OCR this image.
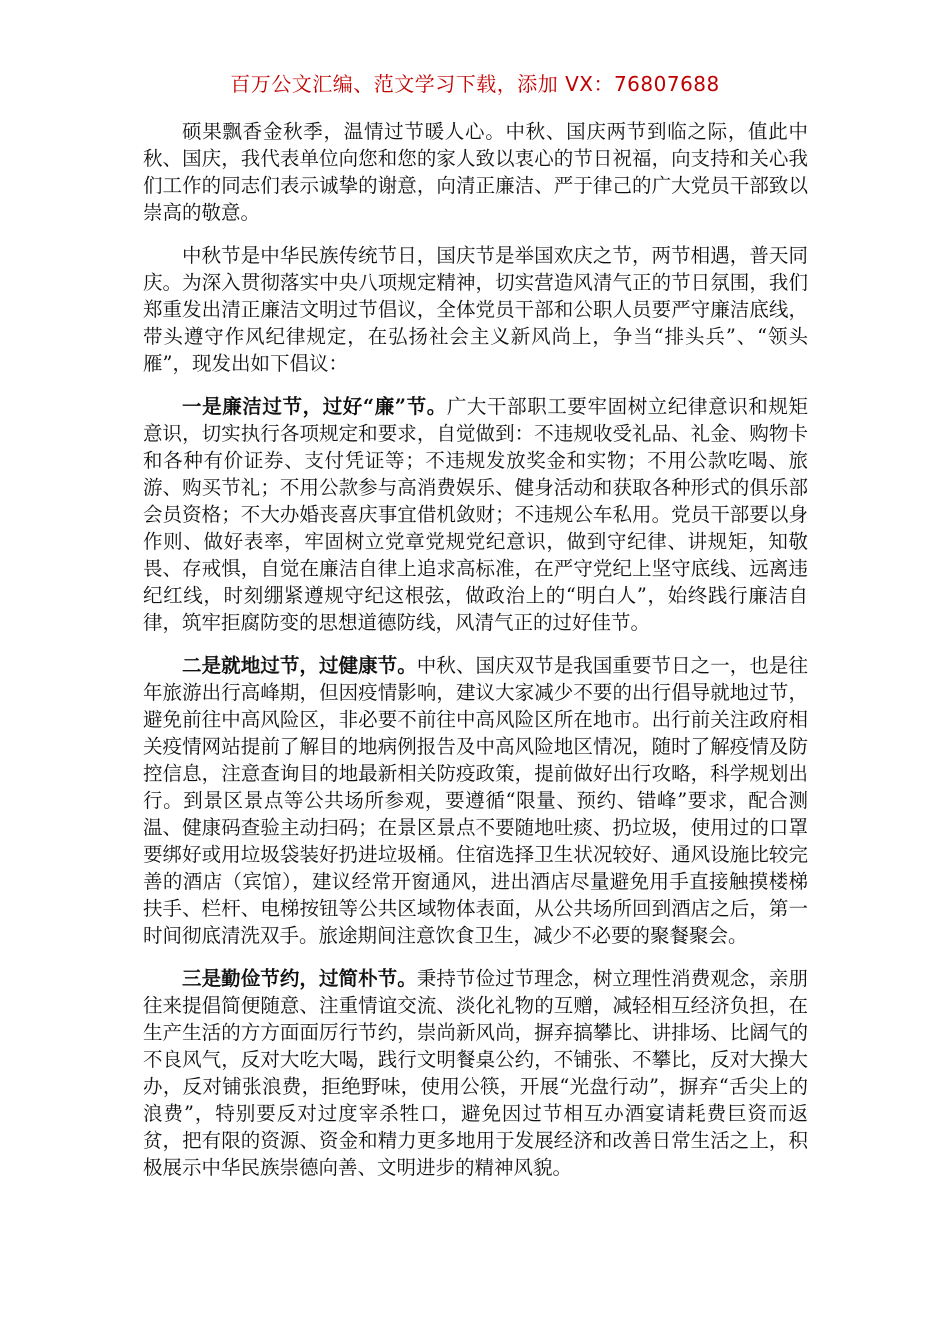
百万公文汇编、范文学习下载，添加 VX：76807688

硕果飘香金秋季，温情过节暖人心。中秋、国庆两节到临之际，值此中秋、国庆，我代表单位向您和您的家人致以衷心的节日祝福，向支持和关心我们工作的同志们表示诚挚的谢意，向清正廉洁、严于律己的广大党员干部致以崇高的敬意。

中秋节是中华民族传统节日，国庆节是举国欢庆之节，两节相遇，普天同庆。为深入贯彻落实中央八项规定精神，切实营造风清气正的节日氛围，我们郑重发出清正廉洁文明过节倡议，全体党员干部和公职人员要严守廉洁底线，带头遵守作风纪律规定，在弘扬社会主义新风尚上，争当“排头兵”、“领头雁”，现发出如下倡议：

一是廉洁过节，过好“廉”节。广大干部职工要牢固树立纪律意识和规矩意识，切实执行各项规定和要求，自觉做到：不违规收受礼品、礼金、购物卡和各种有价证券、支付凭证等；不违规发放奖金和实物；不用公款吃喝、旅游、购买节礼；不用公款参与高消费娱乐、健身活动和获取各种形式的俱乐部会员资格；不大办婚丧喜庆事宜借机敛财；不违规公车私用。党员干部要以身作则、做好表率，牢固树立党章党规党纪意识，做到守纪律、讲规矩，知敬畏、存戒惧，自觉在廉洁自律上追求高标准，在严守党纪上坚守底线、远离违纪红线，时刻绷紧遵规守纪这根弦，做政治上的“明白人”，始终践行廉洁自律，筑牢拒腐防变的思想道德防线，风清气正的过好佳节。

二是就地过节，过健康节。中秋、国庆双节是我国重要节日之一，也是往年旅游出行高峰期，但因疫情影响，建议大家减少不要的出行倡导就地过节，避免前往中高风险区，非必要不前往中高风险区所在地市。出行前关注政府相关疫情网站提前了解目的地病例报告及中高风险地区情况，随时了解疫情及防控信息，注意查询目的地最新相关防疫政策，提前做好出行攻略，科学规划出行。到景区景点等公共场所参观，要遵循“限量、预约、错峰”要求，配合测温、健康码查验主动扫码；在景区景点不要随地吐痰、扔垃圾，使用过的口罩要绑好或用垃圾袋装好扔进垃圾桶。住宿选择卫生状况较好、通风设施比较完善的酒店（宾馆），建议经常开窗通风，进出酒店尽量避免用手直接触摸楼梯扶手、栏杆、电梯按钮等公共区域物体表面，从公共场所回到酒店之后，第一时间彻底清洗双手。旅途期间注意饮食卫生，减少不必要的聚餐聚会。

三是勤俭节约，过简朴节。秉持节俭过节理念，树立理性消费观念，亲朋往来提倡简便随意、注重情谊交流、淡化礼物的互赠，减轻相互经济负担，在生产生活的方方面面厉行节约，崇尚新风尚，摒弃搞攀比、讲排场、比阔气的不良风气，反对大吃大喝，践行文明餐桌公约，不铺张、不攀比，反对大操大办，反对铺张浪费，拒绝野味，使用公筷，开展“光盘行动”，摒弃“舌尖上的浪费”，特别要反对过度宰杀牲口，避免因过节相互办酒宴请耗费巨资而返贫，把有限的资源、资金和精力更多地用于发展经济和改善日常生活之上，积极展示中华民族崇德向善、文明进步的精神风貌。
